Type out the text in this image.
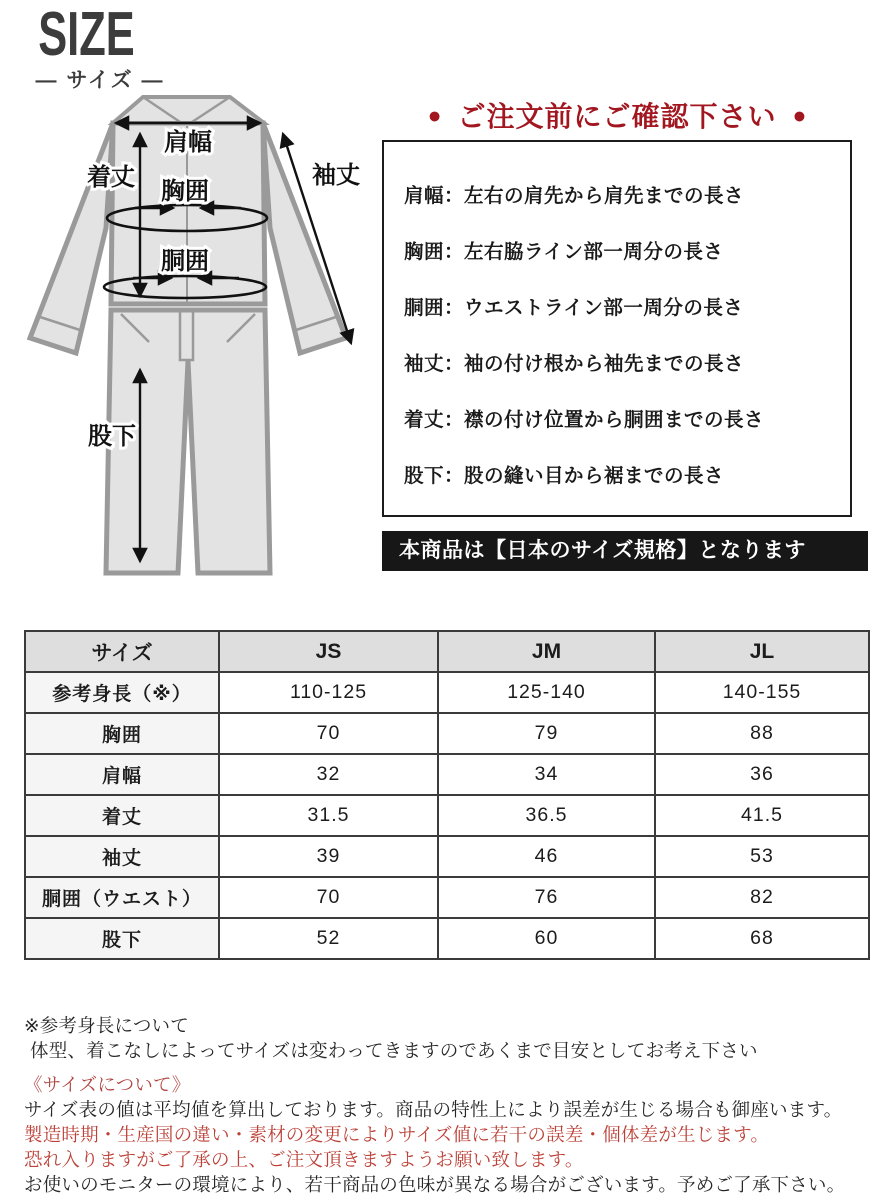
SIZE
— サイズ —
肩幅
着丈
胸囲
胴囲
袖丈
股下
● ご注文前にご確認下さい ●
肩幅：左右の肩先から肩先までの長さ
胸囲：左右脇ライン部一周分の長さ
胴囲：ウエストライン部一周分の長さ
袖丈：袖の付け根から袖先までの長さ
着丈：襟の付け位置から胴囲までの長さ
股下：股の縫い目から裾までの長さ
本商品は【日本のサイズ規格】となります
サイズ	JS	JM	JL
参考身長（※）	110-125	125-140	140-155
胸囲	70	79	88
肩幅	32	34	36
着丈	31.5	36.5	41.5
袖丈	39	46	53
胴囲（ウエスト）	70	76	82
股下	52	60	68
※参考身長について
体型、着こなしによってサイズは変わってきますのであくまで目安としてお考え下さい
《サイズについて》
サイズ表の値は平均値を算出しております。商品の特性上により誤差が生じる場合も御座います。
製造時期・生産国の違い・素材の変更によりサイズ値に若干の誤差・個体差が生じます。
恐れ入りますがご了承の上、ご注文頂きますようお願い致します。
お使いのモニターの環境により、若干商品の色味が異なる場合がございます。予めご了承下さい。
